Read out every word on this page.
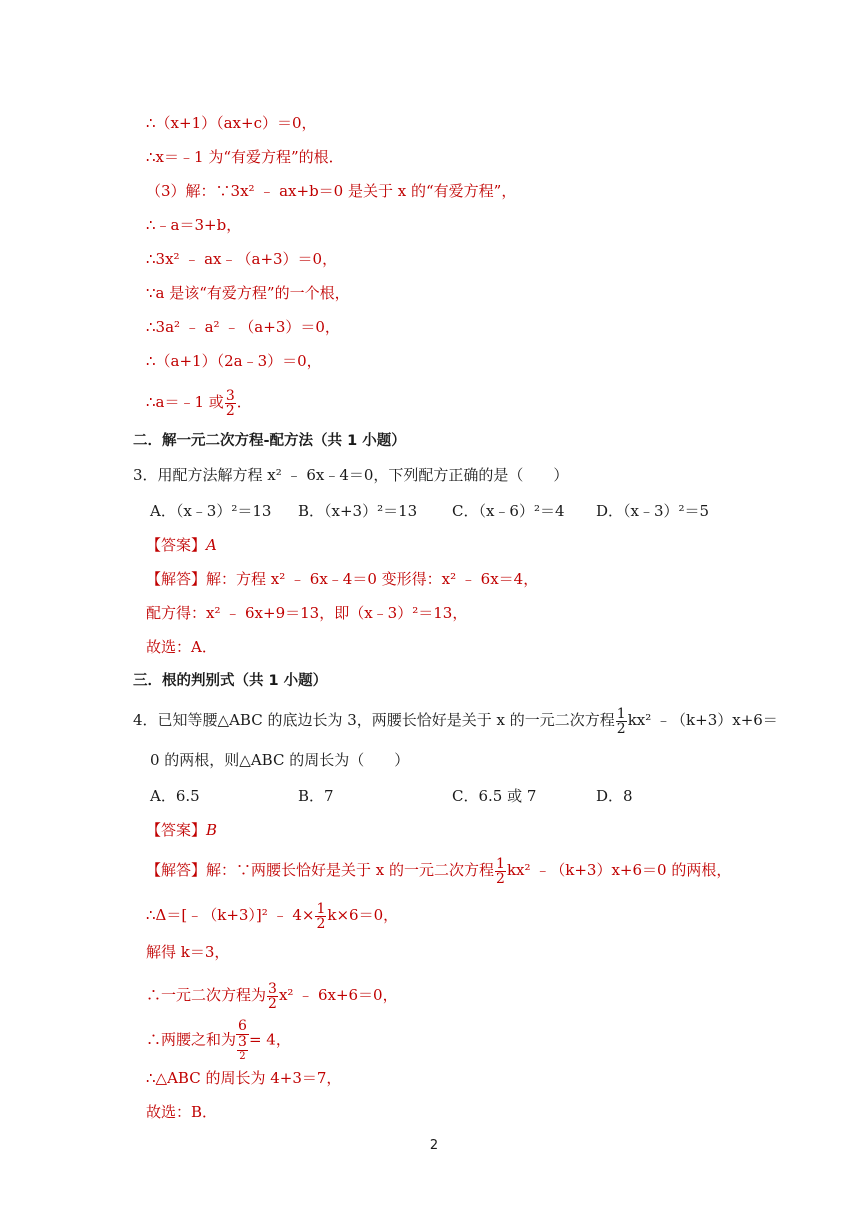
∴（x+1）（ax+c）＝0，
∴x＝﹣1 为“有爱方程”的根．
（3）解：∵3x² ﹣ ax+b＝0 是关于 x 的“有爱方程”，
∴﹣a＝3+b，
∴3x² ﹣ ax﹣（a+3）＝0，
∵a 是该“有爱方程”的一个根，
∴3a² ﹣ a² ﹣（a+3）＝0，
∴（a+1）（2a﹣3）＝0，
∴a＝﹣1 或 $\frac{3}{2}$ ．
二．解一元二次方程-配方法（共 1 小题）
3．用配方法解方程 x² ﹣ 6x﹣4＝0，下列配方正确的是（　　）
A．（x﹣3）²＝13 B．（x+3）²＝13 C．（x﹣6）²＝4 D．（x﹣3）²＝5
【答案】A
【解答】解：方程 x² ﹣ 6x﹣4＝0 变形得：x² ﹣ 6x＝4，
配方得：x² ﹣ 6x+9＝13，即（x﹣3）²＝13，
故选：A．
三．根的判别式（共 1 小题）
4．已知等腰△ABC 的底边长为 3，两腰长恰好是关于 x 的一元二次方程 $\frac{1}{2} kx^2$ ﹣（k+3）x+6＝
0 的两根，则△ABC 的周长为（　　）
A．6.5	B．7	C．6.5 或 7	D．8
【答案】B
【解答】解：∵两腰长恰好是关于 x 的一元二次方程 $\frac{1}{2} kx^2$ ﹣（k+3）x+6＝0 的两根，
∴Δ＝[﹣（k+3）]² ﹣ $4\times \frac{1}{2} k\times 6=0$，
解得 k＝3，
∴一元二次方程为 $\frac{3}{2} x^2$ ﹣ 6x+6＝0，
∴两腰之和为 $\frac{6}{\frac{3}{2}} = 4$，
∴△ABC 的周长为 4+3＝7，
故选：B．
2
